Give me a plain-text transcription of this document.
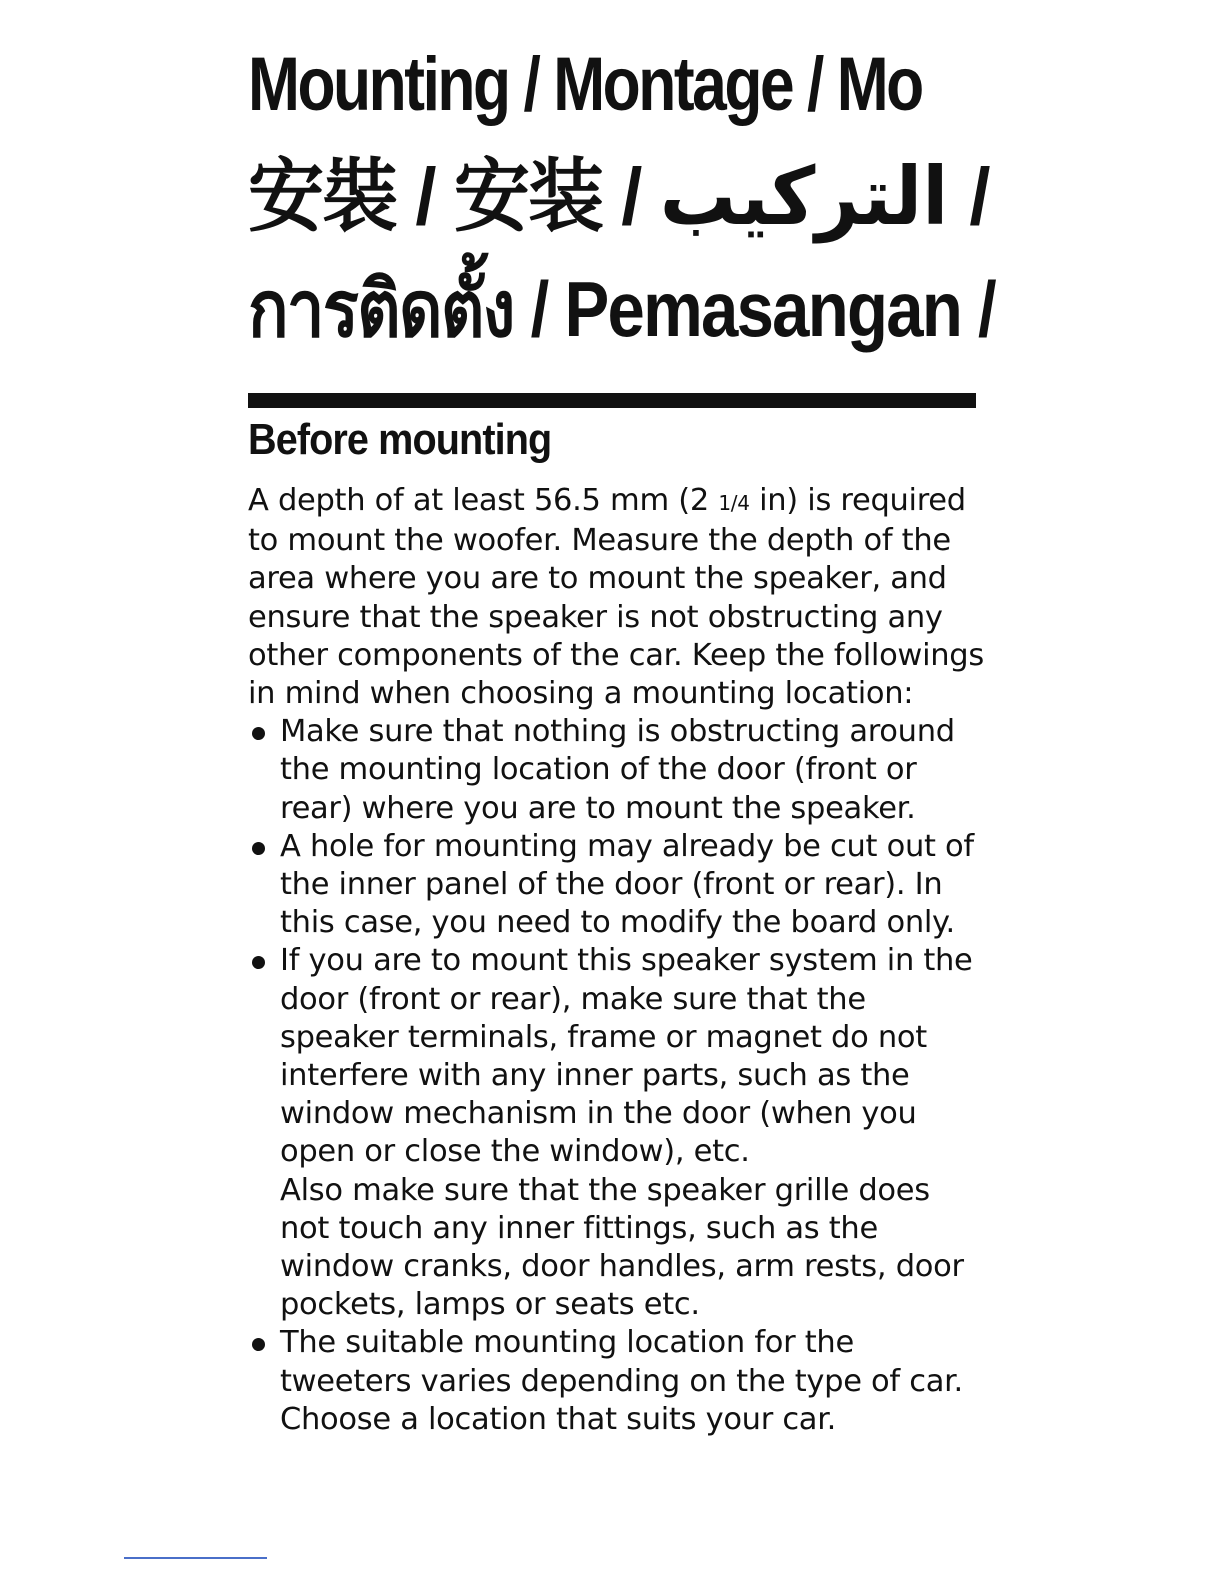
Mounting / Montage / Mo
安裝 / 安装 / التركيب /
การติดตั้ง / Pemasangan /
Before mounting

A depth of at least 56.5 mm (2 1/4 in) is required to mount the woofer. Measure the depth of the area where you are to mount the speaker, and ensure that the speaker is not obstructing any other components of the car. Keep the followings in mind when choosing a mounting location:

Make sure that nothing is obstructing around the mounting location of the door (front or rear) where you are to mount the speaker.
A hole for mounting may already be cut out of the inner panel of the door (front or rear). In this case, you need to modify the board only.
If you are to mount this speaker system in the door (front or rear), make sure that the speaker terminals, frame or magnet do not interfere with any inner parts, such as the window mechanism in the door (when you open or close the window), etc.
Also make sure that the speaker grille does not touch any inner fittings, such as the window cranks, door handles, arm rests, door pockets, lamps or seats etc.
The suitable mounting location for the tweeters varies depending on the type of car. Choose a location that suits your car.
